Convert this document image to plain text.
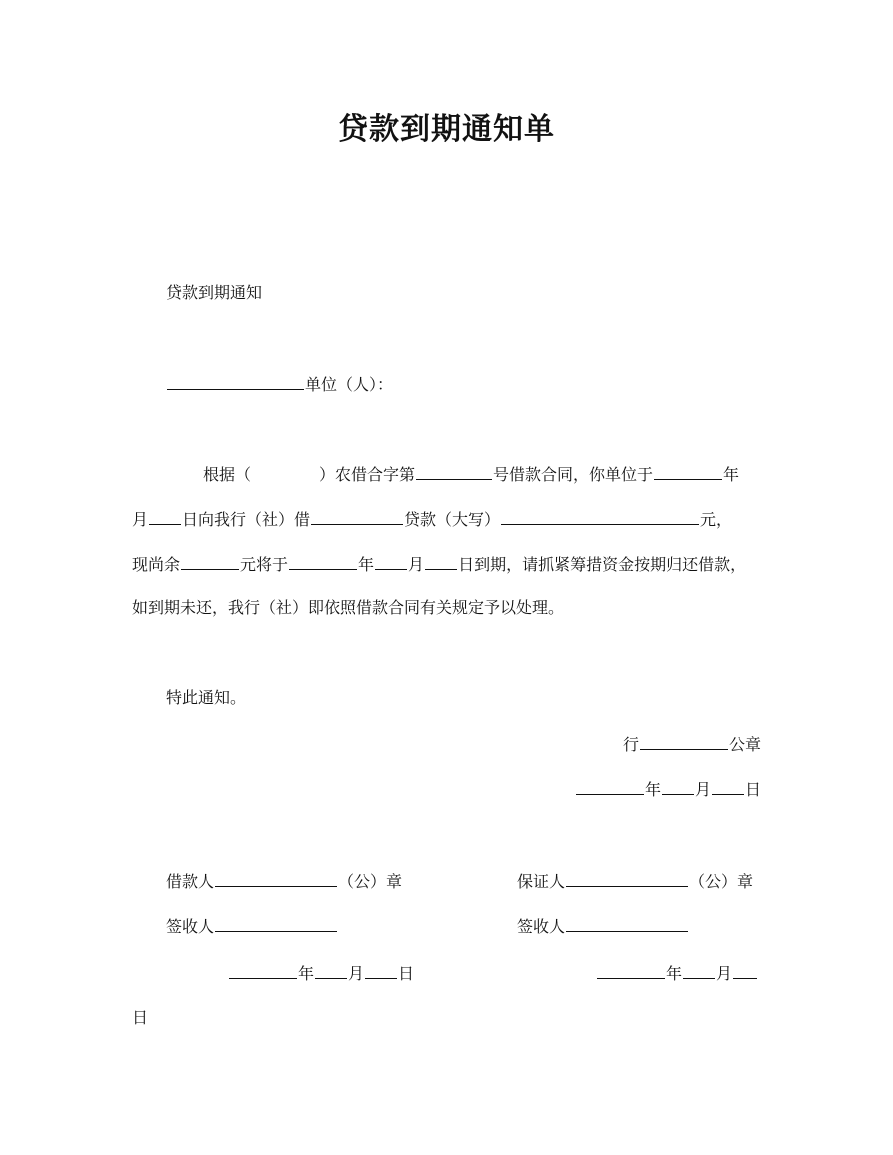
贷款到期通知单
贷款到期通知
单位（人）：
根据（	）农借合字第	号借款合同，你单位于	年
月 日向我行（社）借	贷款（大写）	元，
现尚余	元将于	年 月 日到期，请抓紧筹措资金按期归还借款，
如到期未还，我行（社）即依照借款合同有关规定予以处理。
特此通知。
行	公章
年 月 日
借款人	（公）章	保证人	（公）章
签收人	签收人
年 月 日	年 月
日
